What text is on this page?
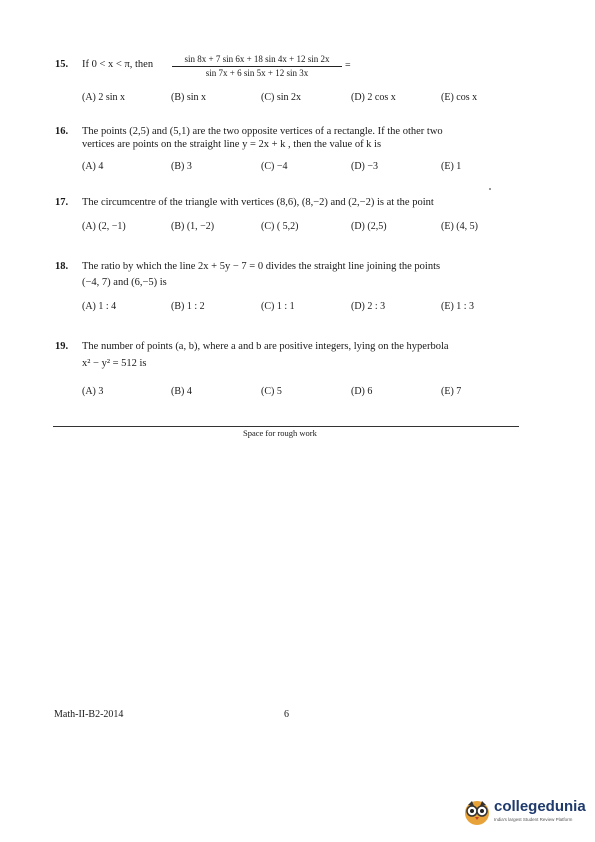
15. If 0 < x < π, then	sin 8x + 7 sin 6x + 18 sin 4x + 12 sin 2x
sin 7x + 6 sin 5x + 12 sin 3x
=
(A) 2 sin x	(B) sin x	(C) sin 2x	(D) 2 cos x	(E) cos x
16. The points (2,5) and (5,1) are the two opposite vertices of a rectangle. If the other two
vertices are points on the straight line y = 2x + k , then the value of k is
(A) 4	(B) 3	(C) −4	(D) −3	(E) 1
17. The circumcentre of the triangle with vertices (8,6), (8,−2) and (2,−2) is at the point
(A) (2, −1)	(B) (1, −2)	(C) ( 5,2)	(D) (2,5)	(E) (4, 5)
18. The ratio by which the line 2x + 5y − 7 = 0 divides the straight line joining the points
(−4, 7) and (6,−5) is
(A) 1 : 4	(B) 1 : 2	(C) 1 : 1	(D) 2 : 3	(E) 1 : 3
19. The number of points (a, b), where a and b are positive integers, lying on the hyperbola
x² − y² = 512 is
(A) 3	(B) 4	(C) 5	(D) 6	(E) 7
Space for rough work
Math-II-B2-2014	6
collegedunia
India's largest Student Review Platform
